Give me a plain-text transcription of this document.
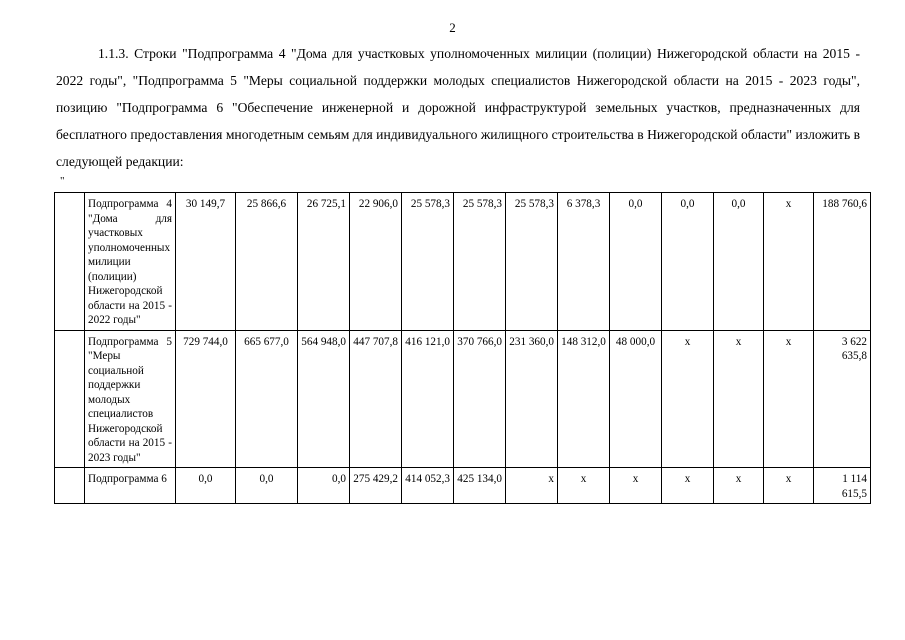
2

1.1.3. Строки "Подпрограмма 4 "Дома для участковых уполномоченных милиции (полиции) Нижегородской области на 2015 - 2022 годы", "Подпрограмма 5 "Меры социальной поддержки молодых специалистов Нижегородской области на 2015 - 2023 годы", позицию "Подпрограмма 6 "Обеспечение инженерной и дорожной инфраструктурой земельных участков, предназначенных для бесплатного предоставления многодетным семьям для индивидуального жилищного строительства в Нижегородской области" изложить в следующей редакции:

"
	Подпрограмма 4 "Дома для участковых уполномоченных милиции (полиции) Нижегородской области на 2015 - 2022 годы"	30 149,7	25 866,6	26 725,1	22 906,0	25 578,3	25 578,3	25 578,3	6 378,3	0,0	0,0	0,0	х	188 760,6
	Подпрограмма 5 "Меры социальной поддержки молодых специалистов Нижегородской области на 2015 - 2023 годы"	729 744,0	665 677,0	564 948,0	447 707,8	416 121,0	370 766,0	231 360,0	148 312,0	48 000,0	х	х	х	3 622 635,8
	Подпрограмма 6	0,0	0,0	0,0	275 429,2	414 052,3	425 134,0	х	х	х	х	х	х	1 114 615,5
